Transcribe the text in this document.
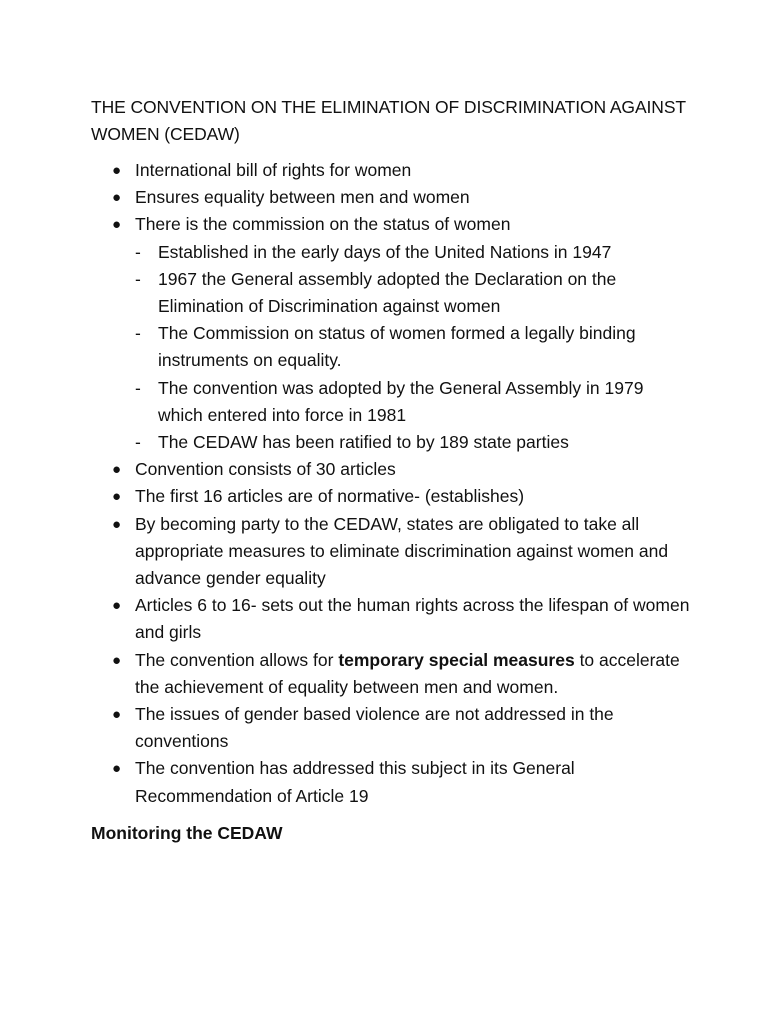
THE CONVENTION ON THE ELIMINATION OF DISCRIMINATION AGAINST WOMEN (CEDAW)
● International bill of rights for women
● Ensures equality between men and women
● There is the commission on the status of women
- Established in the early days of the United Nations in 1947
- 1967 the General assembly adopted the Declaration on the Elimination of Discrimination against women
- The Commission on status of women formed a legally binding instruments on equality.
- The convention was adopted by the General Assembly in 1979 which entered into force in 1981
- The CEDAW has been ratified to by 189 state parties
● Convention consists of 30 articles
● The first 16 articles are of normative- (establishes)
● By becoming party to the CEDAW, states are obligated to take all appropriate measures to eliminate discrimination against women and advance gender equality
● Articles 6 to 16- sets out the human rights across the lifespan of women and girls
● The convention allows for temporary special measures to accelerate the achievement of equality between men and women.
● The issues of gender based violence are not addressed in the conventions
● The convention has addressed this subject in its General Recommendation of Article 19
Monitoring the CEDAW
